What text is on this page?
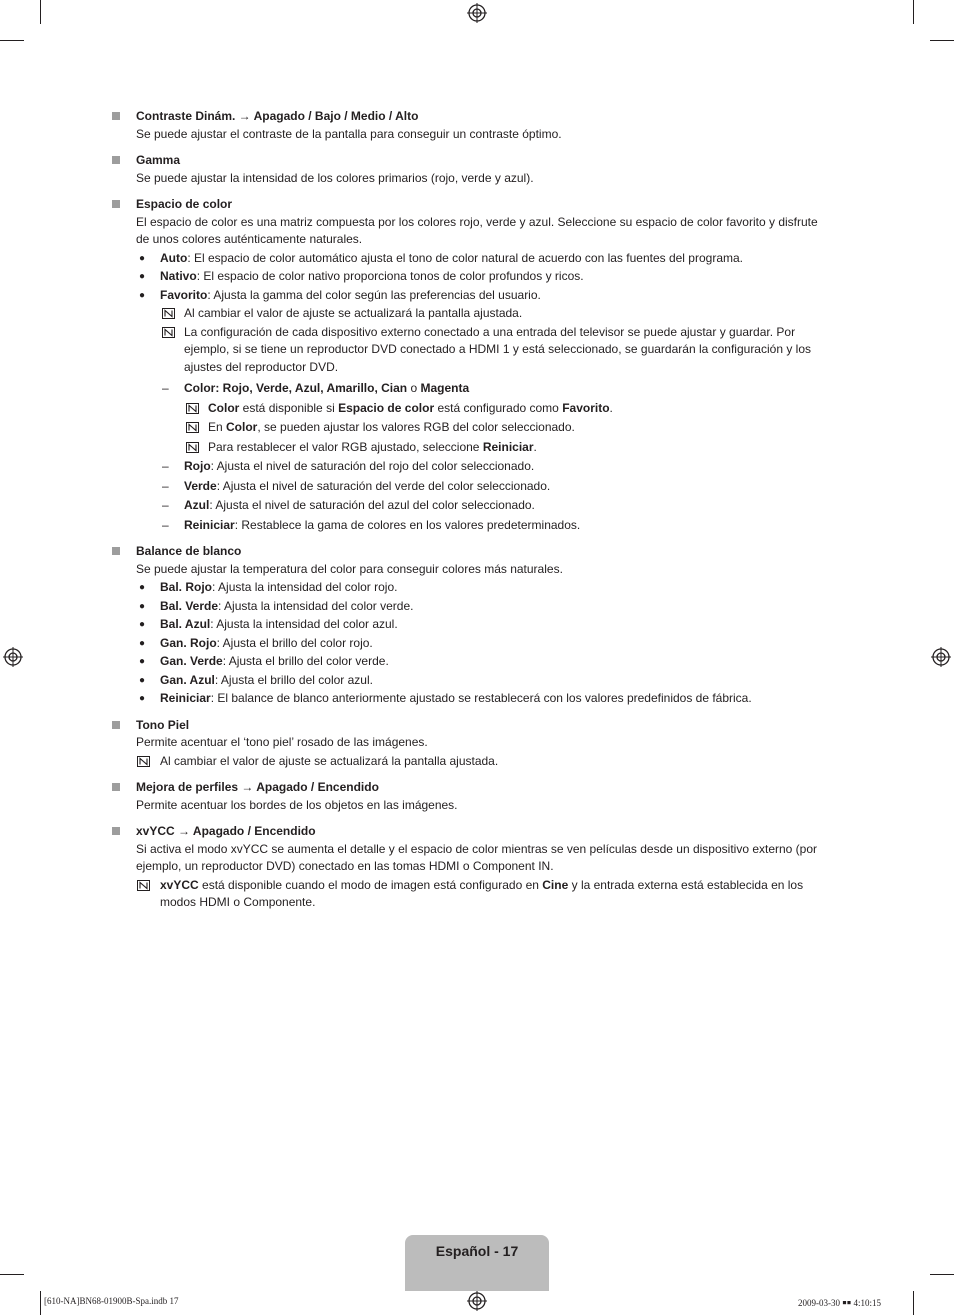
Contraste Dinám. → Apagado / Bajo / Medio / Alto
Se puede ajustar el contraste de la pantalla para conseguir un contraste óptimo.
Gamma
Se puede ajustar la intensidad de los colores primarios (rojo, verde y azul).
Espacio de color
El espacio de color es una matriz compuesta por los colores rojo, verde y azul. Seleccione su espacio de color favorito y disfrute de unos colores auténticamente naturales.
● Auto: El espacio de color automático ajusta el tono de color natural de acuerdo con las fuentes del programa.
● Nativo: El espacio de color nativo proporciona tonos de color profundos y ricos.
● Favorito: Ajusta la gamma del color según las preferencias del usuario.
Al cambiar el valor de ajuste se actualizará la pantalla ajustada.
La configuración de cada dispositivo externo conectado a una entrada del televisor se puede ajustar y guardar. Por ejemplo, si se tiene un reproductor DVD conectado a HDMI 1 y está seleccionado, se guardarán la configuración y los ajustes del reproductor DVD.
– Color: Rojo, Verde, Azul, Amarillo, Cian o Magenta
Color está disponible si Espacio de color está configurado como Favorito.
En Color, se pueden ajustar los valores RGB del color seleccionado.
Para restablecer el valor RGB ajustado, seleccione Reiniciar.
– Rojo: Ajusta el nivel de saturación del rojo del color seleccionado.
– Verde: Ajusta el nivel de saturación del verde del color seleccionado.
– Azul: Ajusta el nivel de saturación del azul del color seleccionado.
– Reiniciar: Restablece la gama de colores en los valores predeterminados.
Balance de blanco
Se puede ajustar la temperatura del color para conseguir colores más naturales.
● Bal. Rojo: Ajusta la intensidad del color rojo.
● Bal. Verde: Ajusta la intensidad del color verde.
● Bal. Azul: Ajusta la intensidad del color azul.
● Gan. Rojo: Ajusta el brillo del color rojo.
● Gan. Verde: Ajusta el brillo del color verde.
● Gan. Azul: Ajusta el brillo del color azul.
● Reiniciar: El balance de blanco anteriormente ajustado se restablecerá con los valores predefinidos de fábrica.
Tono Piel
Permite acentuar el ‘tono piel’ rosado de las imágenes.
Al cambiar el valor de ajuste se actualizará la pantalla ajustada.
Mejora de perfiles → Apagado / Encendido
Permite acentuar los bordes de los objetos en las imágenes.
xvYCC → Apagado / Encendido
Si activa el modo xvYCC se aumenta el detalle y el espacio de color mientras se ven películas desde un dispositivo externo (por ejemplo, un reproductor DVD) conectado en las tomas HDMI o Component IN.
xvYCC está disponible cuando el modo de imagen está configurado en Cine y la entrada externa está establecida en los modos HDMI o Componente.
Español - 17
[610-NA]BN68-01900B-Spa.indb 17	2009-03-30 ￭￭ 4:10:15
